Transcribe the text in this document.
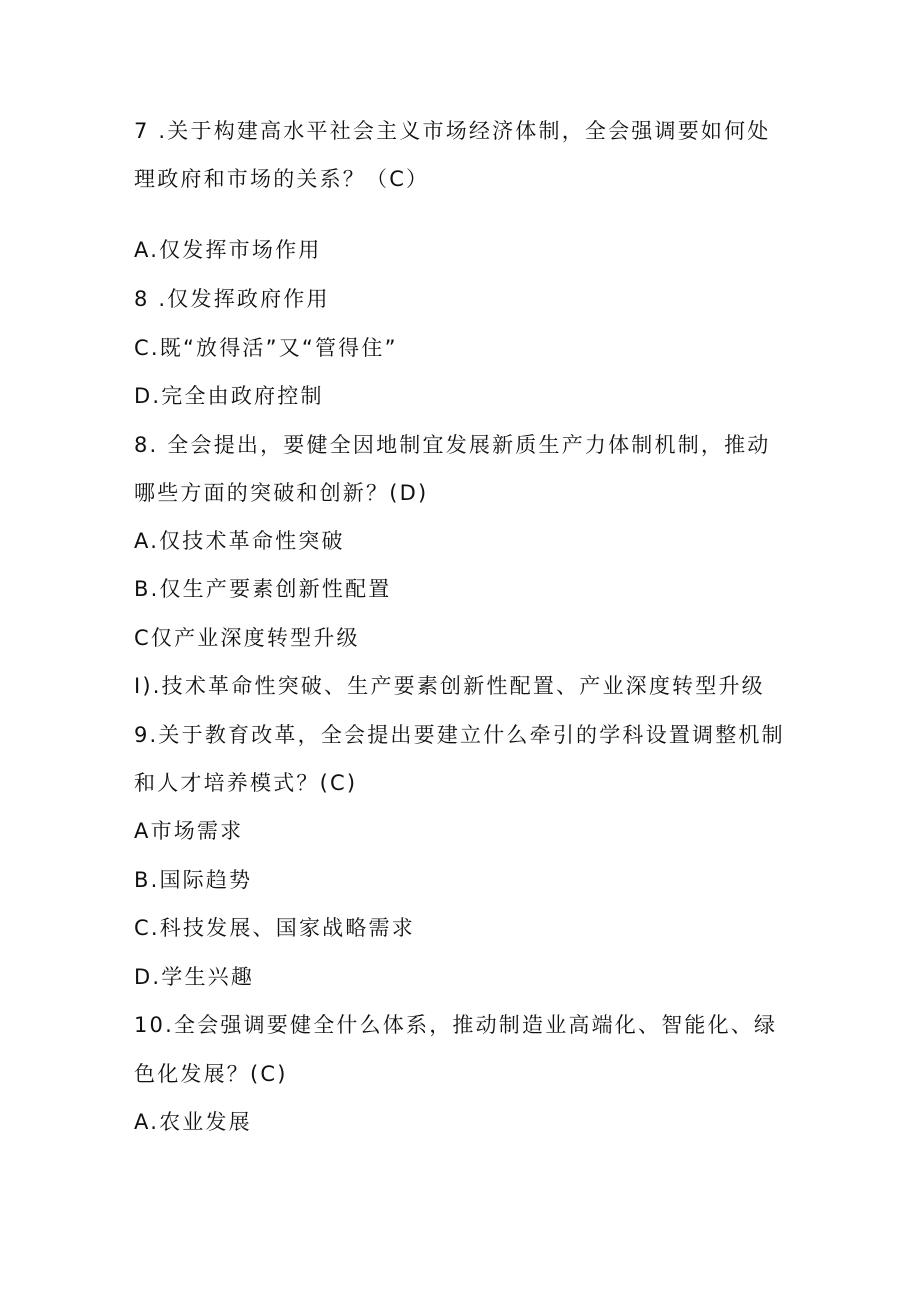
7 .关于构建高水平社会主义市场经济体制，全会强调要如何处
理政府和市场的关系？（C）
A.仅发挥市场作用
8 .仅发挥政府作用
C.既“放得活”又“管得住”
D.完全由政府控制
8. 全会提出，要健全因地制宜发展新质生产力体制机制，推动
哪些方面的突破和创新？(D)
A.仅技术革命性突破
B.仅生产要素创新性配置
C仅产业深度转型升级
I).技术革命性突破、生产要素创新性配置、产业深度转型升级
9.关于教育改革，全会提出要建立什么牵引的学科设置调整机制
和人才培养模式？(C)
A市场需求
B.国际趋势
C.科技发展、国家战略需求
D.学生兴趣
10.全会强调要健全什么体系，推动制造业高端化、智能化、绿
色化发展？(C)
A.农业发展
